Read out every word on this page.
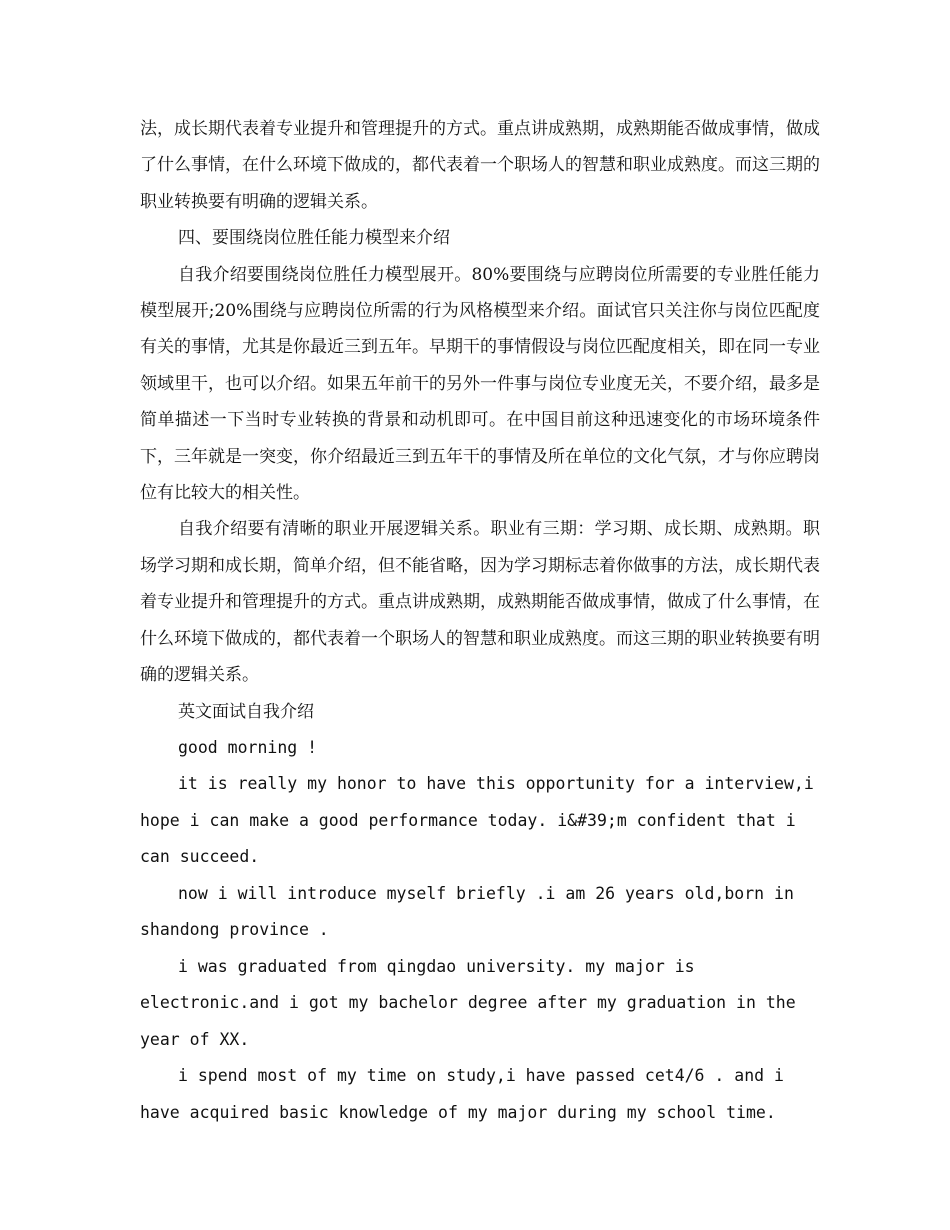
法，成长期代表着专业提升和管理提升的方式。重点讲成熟期，成熟期能否做成事情，做成了什么事情，在什么环境下做成的，都代表着一个职场人的智慧和职业成熟度。而这三期的职业转换要有明确的逻辑关系。

四、要围绕岗位胜任能力模型来介绍

自我介绍要围绕岗位胜任力模型展开。80%要围绕与应聘岗位所需要的专业胜任能力模型展开;20%围绕与应聘岗位所需的行为风格模型来介绍。面试官只关注你与岗位匹配度有关的事情，尤其是你最近三到五年。早期干的事情假设与岗位匹配度相关，即在同一专业领域里干，也可以介绍。如果五年前干的另外一件事与岗位专业度无关，不要介绍，最多是简单描述一下当时专业转换的背景和动机即可。在中国目前这种迅速变化的市场环境条件下，三年就是一突变，你介绍最近三到五年干的事情及所在单位的文化气氛，才与你应聘岗位有比较大的相关性。

自我介绍要有清晰的职业开展逻辑关系。职业有三期：学习期、成长期、成熟期。职场学习期和成长期，简单介绍，但不能省略，因为学习期标志着你做事的方法，成长期代表着专业提升和管理提升的方式。重点讲成熟期，成熟期能否做成事情，做成了什么事情，在什么环境下做成的，都代表着一个职场人的智慧和职业成熟度。而这三期的职业转换要有明确的逻辑关系。

英文面试自我介绍

good morning !

it is really my honor to have this opportunity for a interview,i hope i can make a good performance today. i&#39;m confident that i can succeed.

now i will introduce myself briefly .i am 26 years old,born in shandong province .

i was graduated from qingdao university. my major is electronic.and i got my bachelor degree after my graduation in the year of XX.

i spend most of my time on study,i have passed cet4/6 . and i have acquired basic knowledge of my major during my school time.
